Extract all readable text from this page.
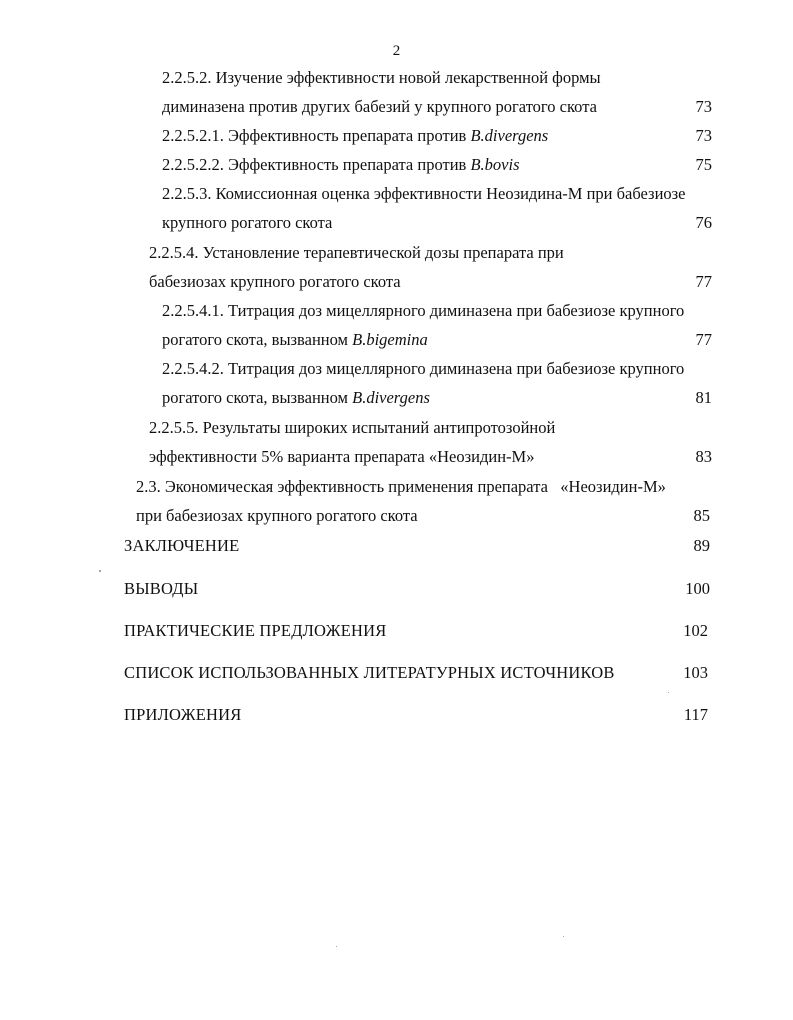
2
2.2.5.2. Изучение эффективности новой лекарственной формы
диминазена против других бабезий у крупного рогатого скота	73
2.2.5.2.1. Эффективность препарата против B.divergens	73
2.2.5.2.2. Эффективность препарата против B.bovis	75
2.2.5.3. Комиссионная оценка эффективности Неозидина-М при бабезиозе
крупного рогатого скота	76
2.2.5.4. Установление терапевтической дозы препарата при
бабезиозах крупного рогатого скота	77
2.2.5.4.1. Титрация доз мицеллярного диминазена при бабезиозе крупного
рогатого скота, вызванном B.bigemina	77
2.2.5.4.2. Титрация доз мицеллярного диминазена при бабезиозе крупного
рогатого скота, вызванном B.divergens	81
2.2.5.5. Результаты широких испытаний антипротозойной
эффективности 5% варианта препарата «Неозидин-М»	83
2.3. Экономическая эффективность применения препарата   «Неозидин-М»
при бабезиозах крупного рогатого скота	85
ЗАКЛЮЧЕНИЕ	89
ВЫВОДЫ	100
ПРАКТИЧЕСКИЕ ПРЕДЛОЖЕНИЯ	102
СПИСОК ИСПОЛЬЗОВАННЫХ ЛИТЕРАТУРНЫХ ИСТОЧНИКОВ	103
ПРИЛОЖЕНИЯ	117
